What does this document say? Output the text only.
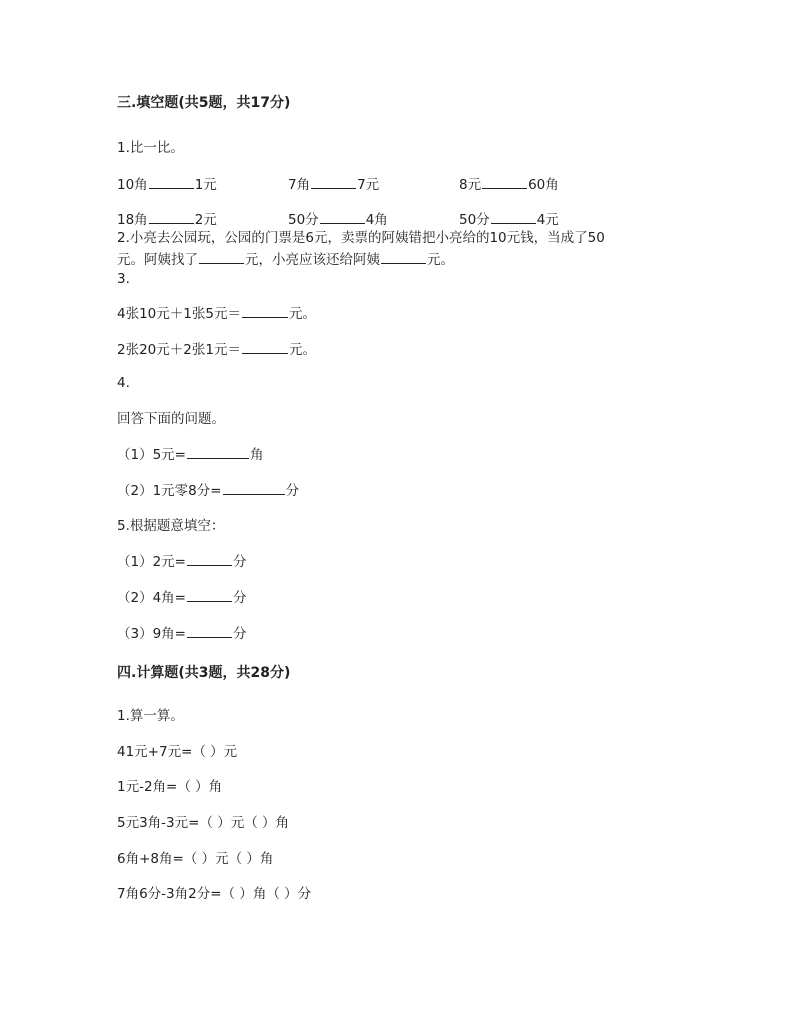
三.填空题(共5题，共17分)
1.比一比。
10角	1元	7角	7元	8元	60角
18角	2元	50分	4角	50分	4元
2.小亮去公园玩，公园的门票是6元，卖票的阿姨错把小亮给的10元钱，当成了50
元。阿姨找了	元，小亮应该还给阿姨	元。
3.
4张10元＋1张5元＝	元。
2张20元＋2张1元＝	元。
4.
回答下面的问题。
（1）5元=	角
（2）1元零8分=	分
5.根据题意填空：
（1）2元=	分
（2）4角=	分
（3）9角=	分
四.计算题(共3题，共28分)
1.算一算。
41元+7元=（ ）元
1元-2角=（ ）角
5元3角-3元=（ ）元（ ）角
6角+8角=（ ）元（ ）角
7角6分-3角2分=（ ）角（ ）分
